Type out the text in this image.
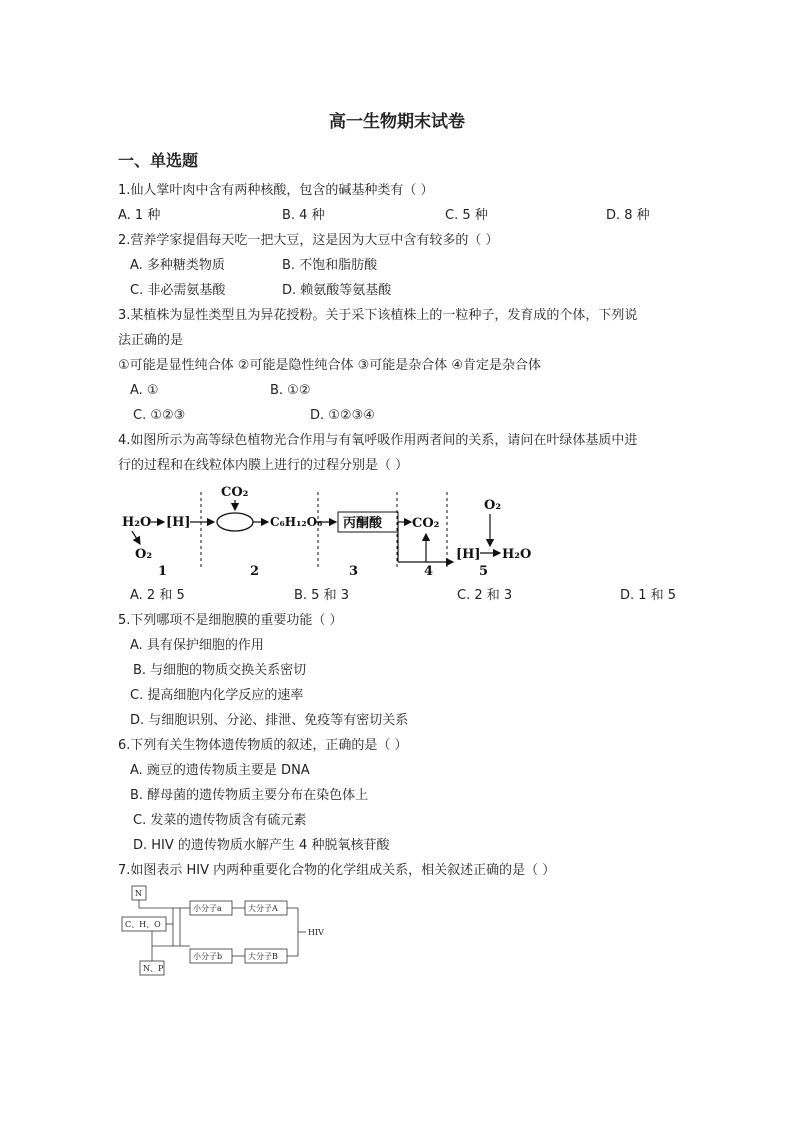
高一生物期末试卷
一、单选题
1.仙人掌叶肉中含有两种核酸，包含的碱基种类有（ ）
A. 1 种	B. 4 种	C. 5 种	D. 8 种
2.营养学家提倡每天吃一把大豆，这是因为大豆中含有较多的（ ）
A. 多种糖类物质	B. 不饱和脂肪酸
C. 非必需氨基酸	D. 赖氨酸等氨基酸
3.某植株为显性类型且为异花授粉。关于采下该植株上的一粒种子，发育成的个体，下列说
法正确的是
①可能是显性纯合体 ②可能是隐性纯合体 ③可能是杂合体 ④肯定是杂合体
A. ①	B. ①②
C. ①②③	D. ①②③④
4.如图所示为高等绿色植物光合作用与有氧呼吸作用两者间的关系，请问在叶绿体基质中进
行的过程和在线粒体内膜上进行的过程分别是（ ）
H₂O [H]
O₂
CO₂
C₆H₁₂O₆ 丙酮酸 CO₂
O₂
[H] H₂O
1	2	3	4	5
A. 2 和 5	B. 5 和 3	C. 2 和 3	D. 1 和 5
5.下列哪项不是细胞膜的重要功能（ ）
A. 具有保护细胞的作用
B. 与细胞的物质交换关系密切
C. 提高细胞内化学反应的速率
D. 与细胞识别、分泌、排泄、免疫等有密切关系
6.下列有关生物体遗传物质的叙述，正确的是（ ）
A. 豌豆的遗传物质主要是 DNA
B. 酵母菌的遗传物质主要分布在染色体上
C. 发菜的遗传物质含有硫元素
D. HIV 的遗传物质水解产生 4 种脱氧核苷酸
7.如图表示 HIV 内两种重要化合物的化学组成关系，相关叙述正确的是（ ）
N
C、H、O
N、P
小分子a	大分子A
小分子b	大分子B
HIV
